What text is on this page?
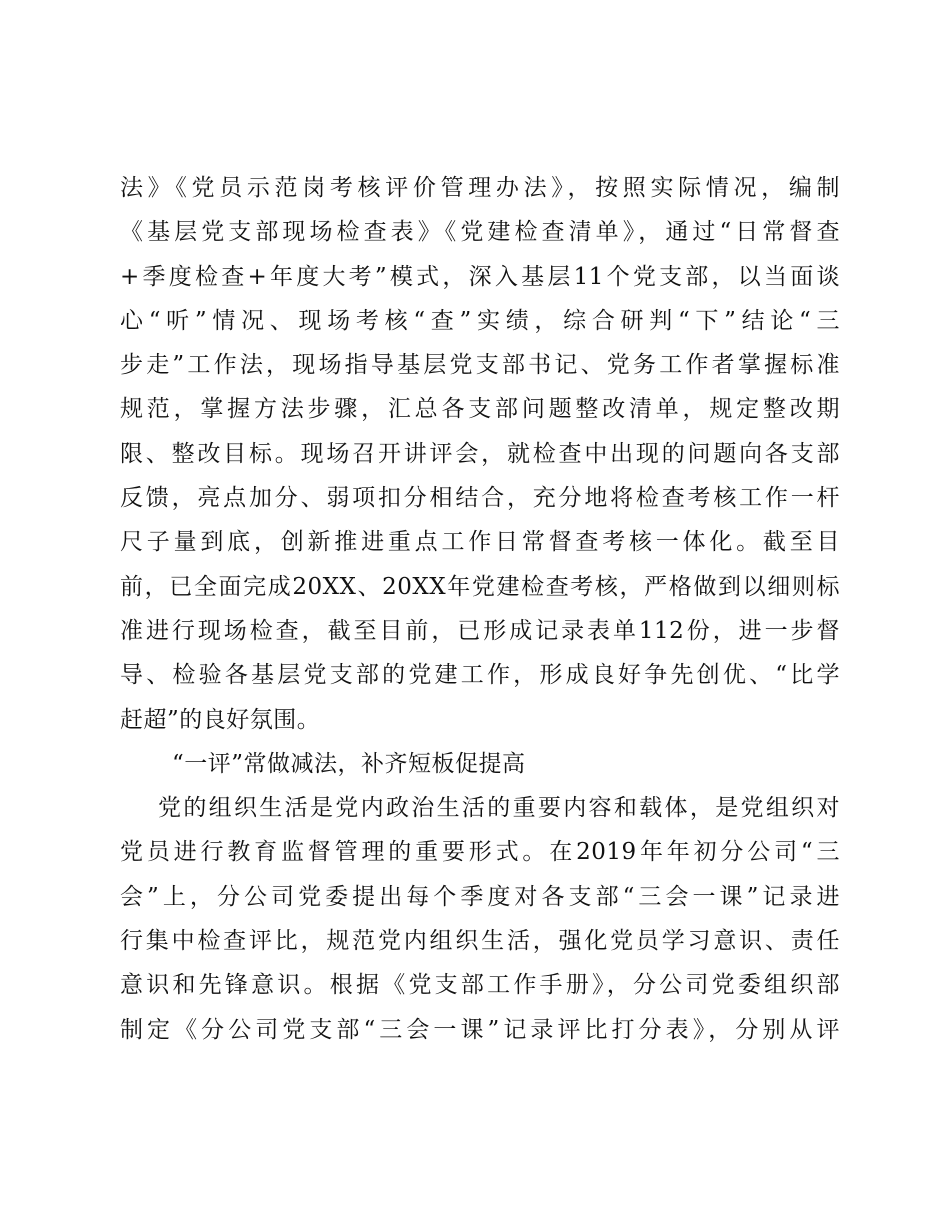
法》《党员示范岗考核评价管理办法》，按照实际情况，编制
《基层党支部现场检查表》《党建检查清单》，通过“日常督查
+季度检查+年度大考”模式，深入基层11个党支部，以当面谈
心“听”情况、现场考核“查”实绩，综合研判“下”结论“三
步走”工作法，现场指导基层党支部书记、党务工作者掌握标准
规范，掌握方法步骤，汇总各支部问题整改清单，规定整改期
限、整改目标。现场召开讲评会，就检查中出现的问题向各支部
反馈，亮点加分、弱项扣分相结合，充分地将检查考核工作一杆
尺子量到底，创新推进重点工作日常督查考核一体化。截至目
前，已全面完成20XX、20XX年党建检查考核，严格做到以细则标
准进行现场检查，截至目前，已形成记录表单112份，进一步督
导、检验各基层党支部的党建工作，形成良好争先创优、“比学
赶超”的良好氛围。
“一评”常做减法，补齐短板促提高
党的组织生活是党内政治生活的重要内容和载体，是党组织对
党员进行教育监督管理的重要形式。在2019年年初分公司“三
会”上，分公司党委提出每个季度对各支部“三会一课”记录进
行集中检查评比，规范党内组织生活，强化党员学习意识、责任
意识和先锋意识。根据《党支部工作手册》，分公司党委组织部
制定《分公司党支部“三会一课”记录评比打分表》，分别从评
